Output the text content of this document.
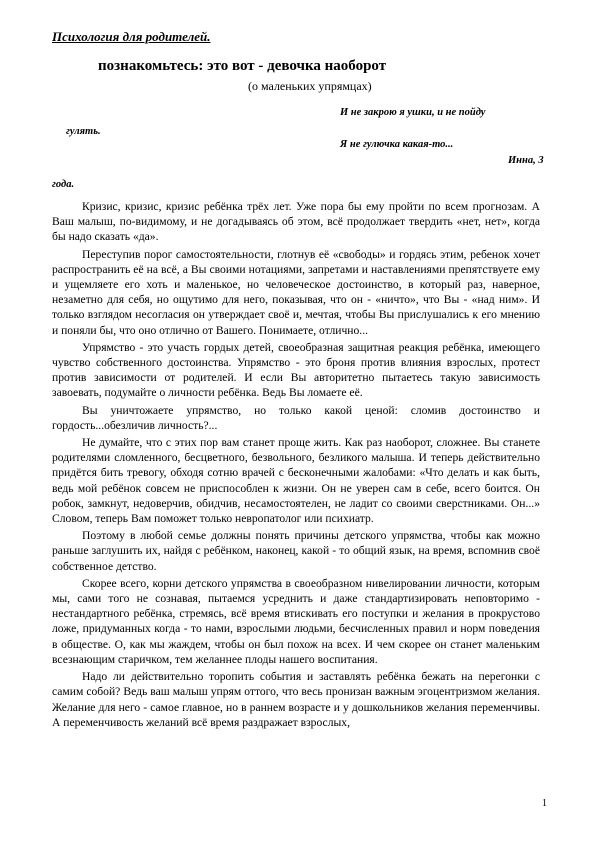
Психология для родителей.
познакомьтесь: это вот - девочка наоборот
(о маленьких упрямцах)
И не закрою я ушки, и не пойду
гулять.
Я не гулючка какая-то...
Инна, 3
года.

Кризис, кризис, кризис ребёнка трёх лет. Уже пора бы ему пройти по всем прогнозам. А Ваш малыш, по-видимому, и не догадываясь об этом, всё продолжает твердить «нет, нет», когда бы надо сказать «да».

Переступив порог самостоятельности, глотнув её «свободы» и гордясь этим, ребенок хочет распространить её на всё, а Вы своими нотациями, запретами и наставлениями препятствуете ему и ущемляете его хоть и маленькое, но человеческое достоинство, в который раз, наверное, незаметно для себя, но ощутимо для него, показывая, что он - «ничто», что Вы - «над ним». И только взглядом несогласия он утверждает своё и, мечтая, чтобы Вы прислушались к его мнению и поняли бы, что оно отлично от Вашего. Понимаете, отлично...

Упрямство - это участь гордых детей, своеобразная защитная реакция ребёнка, имеющего чувство собственного достоинства. Упрямство - это броня против влияния взрослых, протест против зависимости от родителей. И если Вы авторитетно пытаетесь такую зависимость завоевать, подумайте о личности ребёнка. Ведь Вы ломаете её.

Вы уничтожаете упрямство, но только какой ценой: сломив достоинство и гордость...обезличив личность?...

Не думайте, что с этих пор вам станет проще жить. Как раз наоборот, сложнее. Вы станете родителями сломленного, бесцветного, безвольного, безликого малыша. И теперь действительно придётся бить тревогу, обходя сотню врачей с бесконечными жалобами: «Что делать и как быть, ведь мой ребёнок совсем не приспособлен к жизни. Он не уверен сам в себе, всего боится. Он робок, замкнут, недоверчив, обидчив, несамостоятелен, не ладит со своими сверстниками. Он...» Словом, теперь Вам поможет только невропатолог или психиатр.

Поэтому в любой семье должны понять причины детского упрямства, чтобы как можно раньше заглушить их, найдя с ребёнком, наконец, какой - то общий язык, на время, вспомнив своё собственное детство.

Скорее всего, корни детского упрямства в своеобразном нивелировании личности, которым мы, сами того не сознавая, пытаемся усреднить и даже стандартизировать неповторимо - нестандартного ребёнка, стремясь, всё время втискивать его поступки и желания в прокрустово ложе, придуманных когда - то нами, взрослыми людьми, бесчисленных правил и норм поведения в обществе. О, как мы жаждем, чтобы он был похож на всех. И чем скорее он станет маленьким всезнающим старичком, тем желаннее плоды нашего воспитания.

Надо ли действительно торопить события и заставлять ребёнка бежать на перегонки с самим собой? Ведь ваш малыш упрям оттого, что весь пронизан важным эгоцентризмом желания. Желание для него - самое главное, но в раннем возрасте и у дошкольников желания переменчивы. А переменчивость желаний всё время раздражает взрослых,

1
